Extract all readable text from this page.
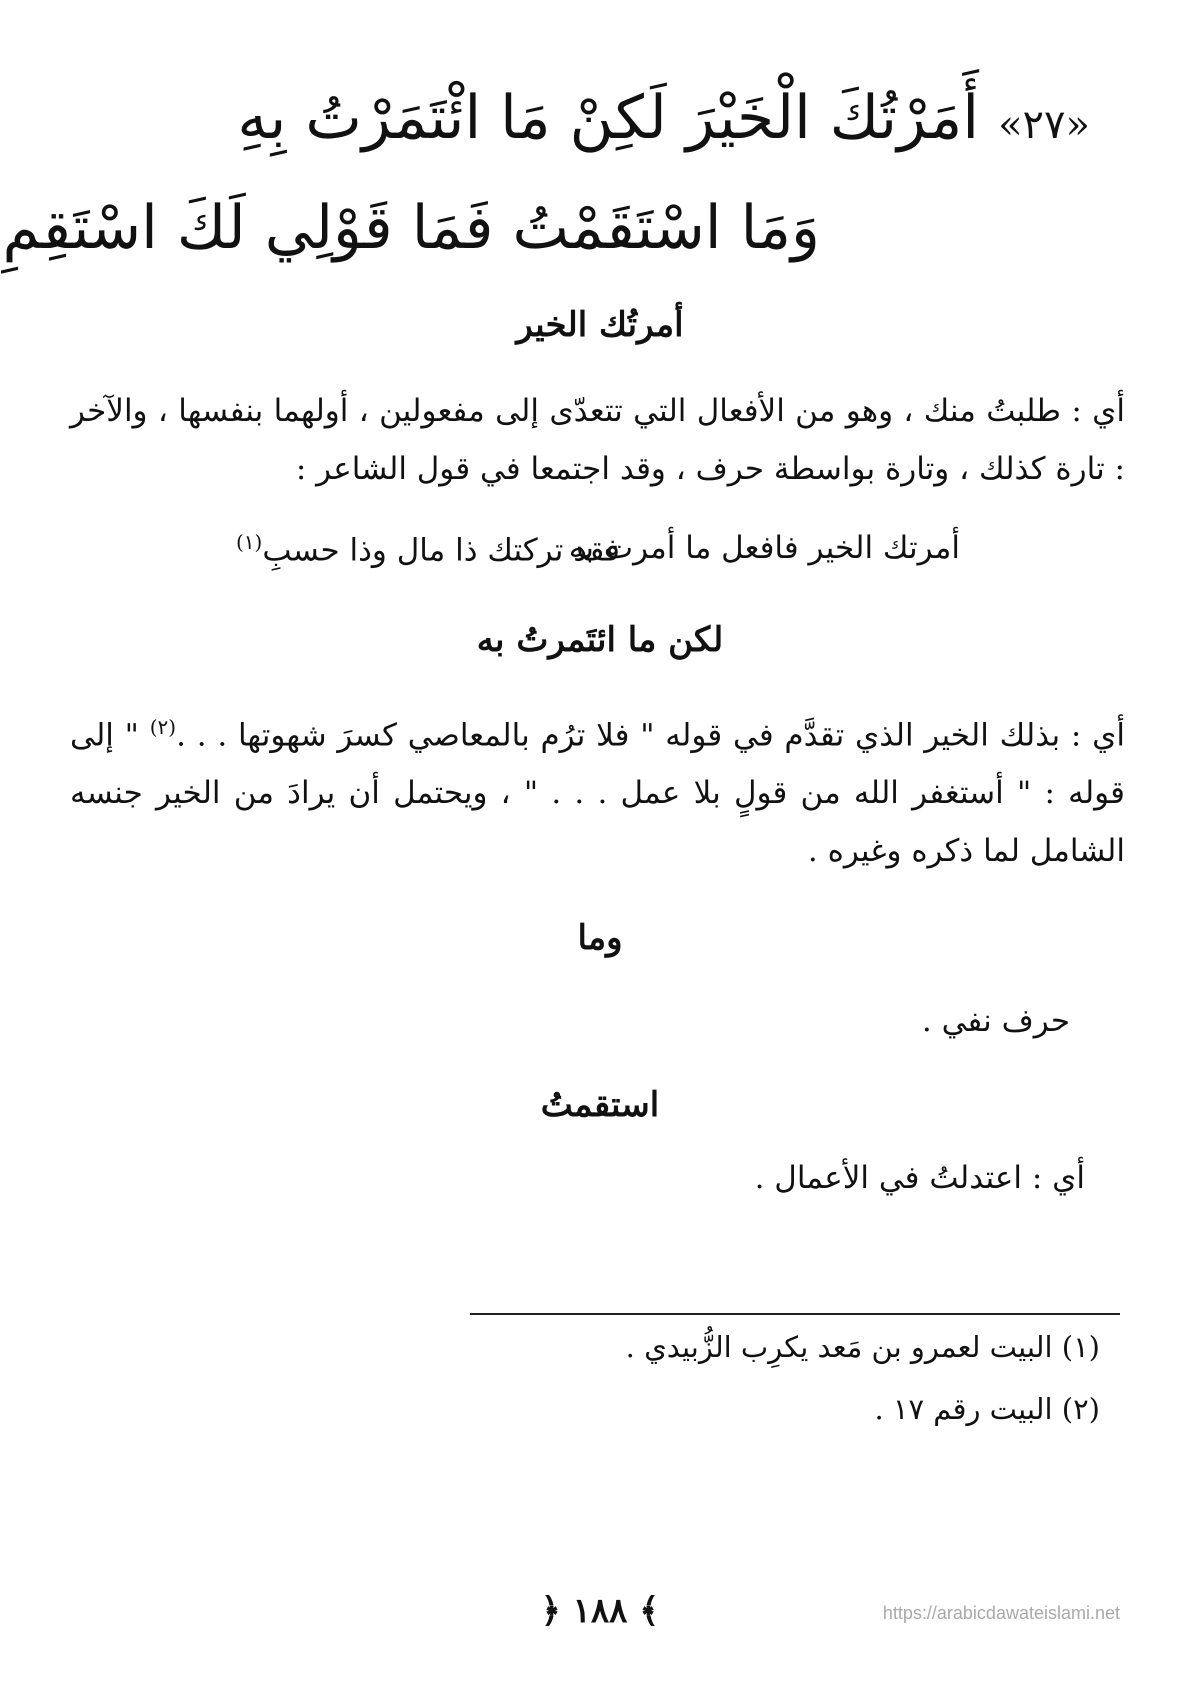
«٢٧» أَمَرْتُكَ الْخَيْرَ لَكِنْ مَا ائْتَمَرْتُ بِهِ
وَمَا اسْتَقَمْتُ فَمَا قَوْلِي لَكَ اسْتَقِمِ
أمرتُك الخير
أي : طلبتُ منك ، وهو من الأفعال التي تتعدّى إلى مفعولين ، أولهما بنفسها ، والآخر : تارة كذلك ، وتارة بواسطة حرف ، وقد اجتمعا في قول الشاعر :
أمرتك الخير فافعل ما أمرت به
فقد تركتك ذا مال وذا حسبِ$^{(١)}$
لكن ما ائتَمرتُ به
أي : بذلك الخير الذي تقدَّم في قوله " فلا ترُم بالمعاصي كسرَ شهوتها . . .$^{(٢)}$ " إلى قوله : " أستغفر الله من قولٍ بلا عمل . . . " ، ويحتمل أن يرادَ من الخير جنسه الشامل لما ذكره وغيره .
وما
حرف نفي .
استقمتُ
أي : اعتدلتُ في الأعمال .
(١) البيت لعمرو بن مَعد يكرِب الزُّبيدي .
(٢) البيت رقم ١٧ .
﴿ ١٨٨ ﴾	https://arabicdawateislami.net
